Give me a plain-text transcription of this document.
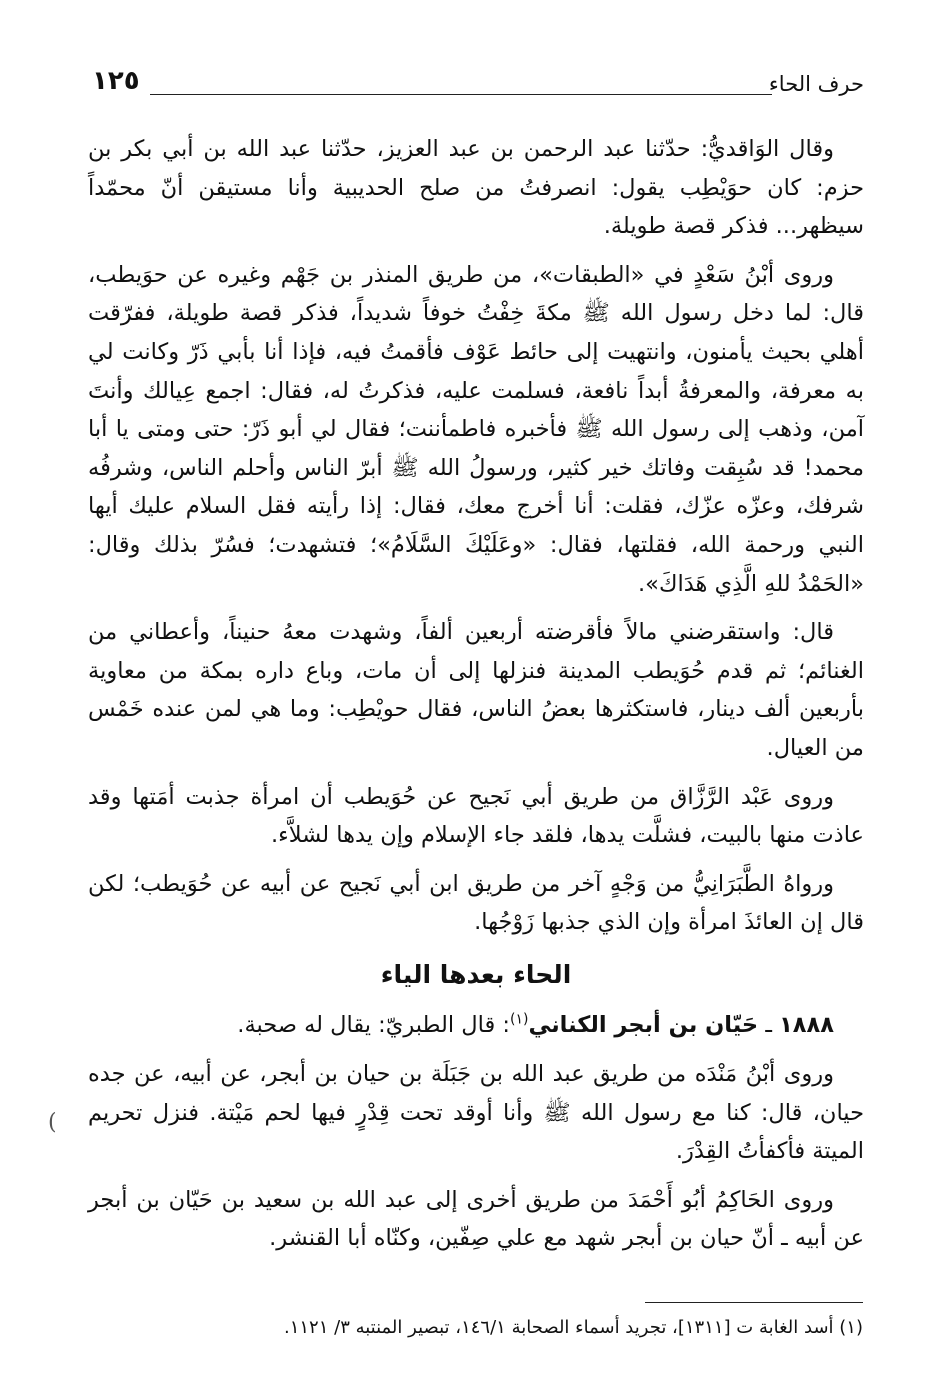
١٢٥	حرف الحاء

وقال الوَاقديُّ: حدّثنا عبد الرحمن بن عبد العزيز، حدّثنا عبد الله بن أبي بكر بن حزم: كان حوَيْطِب يقول: انصرفتُ من صلح الحديبية وأنا مستيقن أنّ محمّداً سيظهر... فذكر قصة طويلة.

وروى أبْنُ سَعْدٍ في «الطبقات»، من طريق المنذر بن جَهْم وغيره عن حوَيطب، قال: لما دخل رسول الله ﷺ مكةَ خِفْتُ خوفاً شديداً، فذكر قصة طويلة، ففرّقت أهلي بحيث يأمنون، وانتهيت إلى حائط عَوْف فأقمتُ فيه، فإذا أنا بأبي ذَرّ وكانت لي به معرفة، والمعرفةُ أبداً نافعة، فسلمت عليه، فذكرتُ له، فقال: اجمع عِيالك وأنتَ آمن، وذهب إلى رسول الله ﷺ فأخبره فاطمأننت؛ فقال لي أبو ذَرّ: حتى ومتى يا أبا محمد! قد سُبِقت وفاتك خير كثير، ورسولُ الله ﷺ أبرّ الناس وأحلم الناس، وشرفُه شرفك، وعزّه عزّك، فقلت: أنا أخرج معك، فقال: إذا رأيته فقل السلام عليك أيها النبي ورحمة الله، فقلتها، فقال: «وعَلَيْكَ السَّلَامُ»؛ فتشهدت؛ فسُرّ بذلك وقال: «الحَمْدُ للهِ الَّذِي هَدَاكَ».

قال: واستقرضني مالاً فأقرضته أربعين ألفاً، وشهدت معهُ حنيناً، وأعطاني من الغنائم؛ ثم قدم حُوَيطب المدينة فنزلها إلى أن مات، وباع داره بمكة من معاوية بأربعين ألف دينار، فاستكثرها بعضُ الناس، فقال حويْطِب: وما هي لمن عنده خَمْس من العيال.

وروى عَبْد الرَّزَّاق من طريق أبي نَجيح عن حُوَيطب أن امرأة جذبت أمَتها وقد عاذت منها بالبيت، فشلَّت يدها، فلقد جاء الإسلام وإن يدها لشلاَّء.

ورواهُ الطَّبَرَانِيُّ من وَجْهٍ آخر من طريق ابن أبي نَجيح عن أبيه عن حُوَيطب؛ لكن قال إن العائذَ امرأة وإن الذي جذبها زَوْجُها.

الحاء بعدها الياء

١٨٨٨ ـ حَيّان بن أبجر الكناني$^{(١)}$: قال الطبريّ: يقال له صحبة.

وروى أبْنُ مَنْدَه من طريق عبد الله بن جَبَلَة بن حيان بن أبجر، عن أبيه، عن جده حيان، قال: كنا مع رسول الله ﷺ وأنا أوقد تحت قِدْرٍ فيها لحم مَيْتة. فنزل تحريم الميتة فأكفأتُ القِدْرَ.

وروى الحَاكِمُ أبُو أَحْمَدَ من طريق أخرى إلى عبد الله بن سعيد بن حَيّان بن أبجر عن أبيه ـ أنّ حيان بن أبجر شهد مع علي صِفّين، وكنّاه أبا القنشر.

(
(١) أسد الغابة ت [١٣١١]، تجريد أسماء الصحابة ١٤٦/١، تبصير المنتبه ٣/ ١١٢١.
